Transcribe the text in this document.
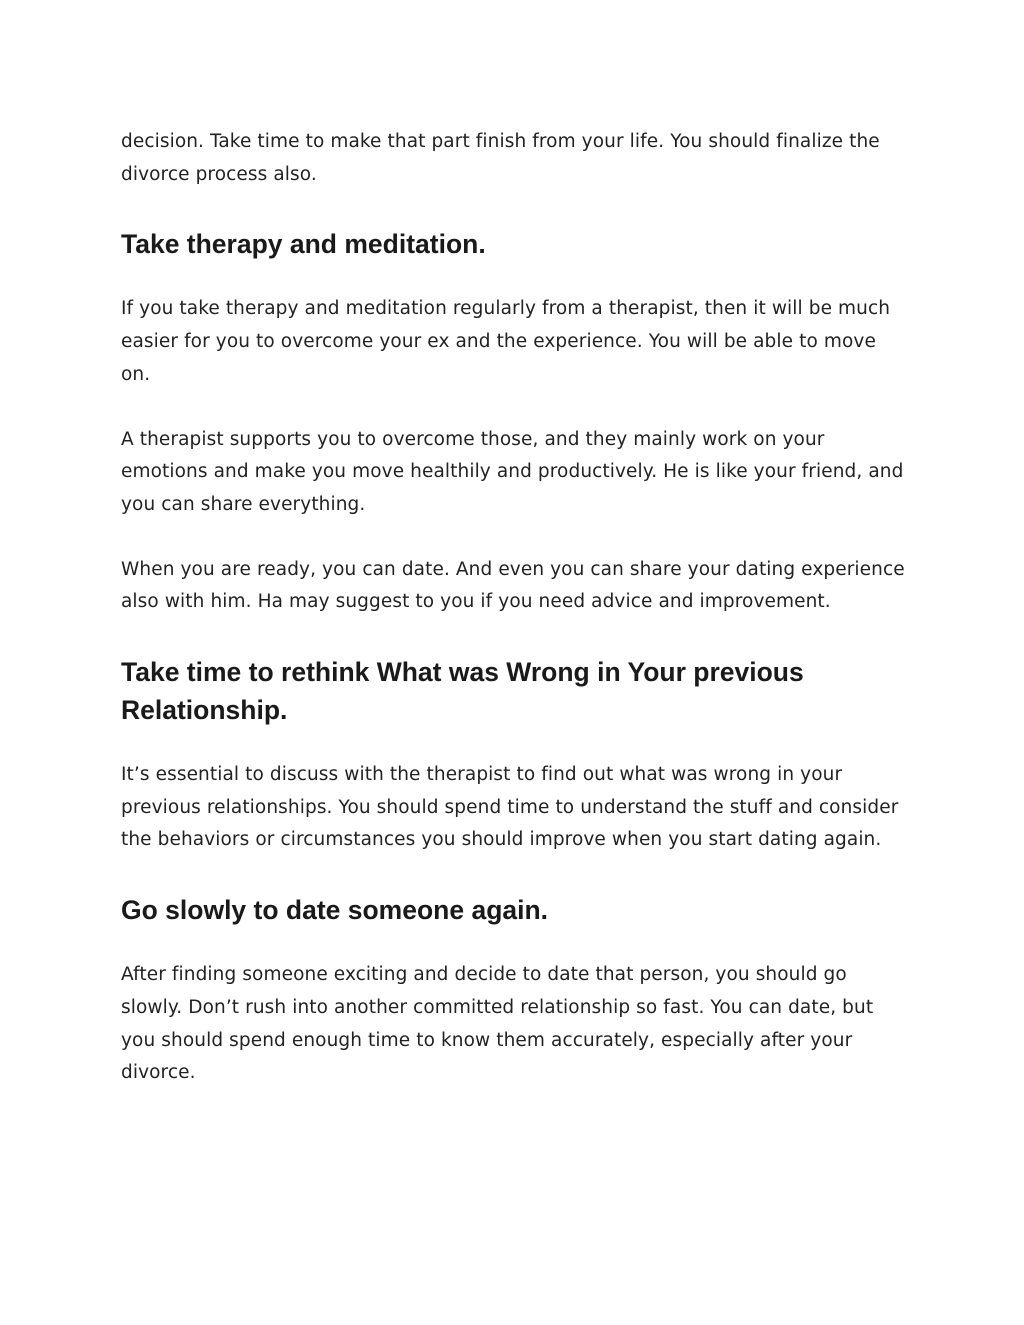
decision. Take time to make that part finish from your life. You should finalize the divorce process also.

Take therapy and meditation.

If you take therapy and meditation regularly from a therapist, then it will be much easier for you to overcome your ex and the experience. You will be able to move on.

A therapist supports you to overcome those, and they mainly work on your emotions and make you move healthily and productively. He is like your friend, and you can share everything.

When you are ready, you can date. And even you can share your dating experience also with him. Ha may suggest to you if you need advice and improvement.

Take time to rethink What was Wrong in Your previous Relationship.

It’s essential to discuss with the therapist to find out what was wrong in your previous relationships. You should spend time to understand the stuff and consider the behaviors or circumstances you should improve when you start dating again.

Go slowly to date someone again.

After finding someone exciting and decide to date that person, you should go slowly. Don’t rush into another committed relationship so fast. You can date, but you should spend enough time to know them accurately, especially after your divorce.
